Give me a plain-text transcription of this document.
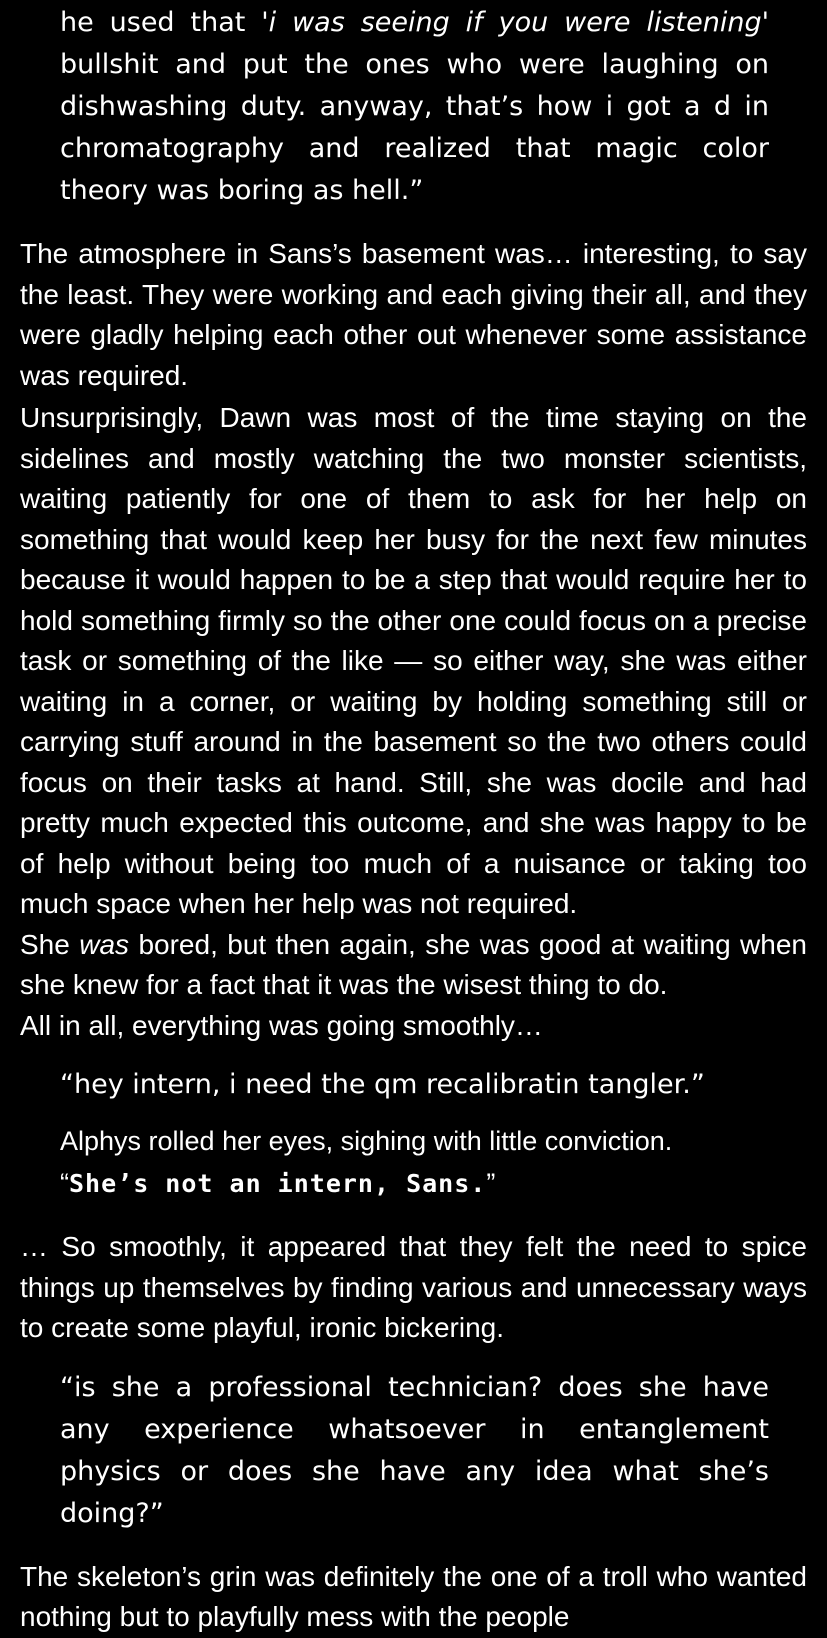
he used that 'i was seeing if you were listening' bullshit and put the ones who were laughing on dishwashing duty. anyway, that’s how i got a d in chromatography and realized that magic color theory was boring as hell.”
The atmosphere in Sans’s basement was… interesting, to say the least. They were working and each giving their all, and they were gladly helping each other out whenever some assistance was required.
Unsurprisingly, Dawn was most of the time staying on the sidelines and mostly watching the two monster scientists, waiting patiently for one of them to ask for her help on something that would keep her busy for the next few minutes because it would happen to be a step that would require her to hold something firmly so the other one could focus on a precise task or something of the like — so either way, she was either waiting in a corner, or waiting by holding something still or carrying stuff around in the basement so the two others could focus on their tasks at hand. Still, she was docile and had pretty much expected this outcome, and she was happy to be of help without being too much of a nuisance or taking too much space when her help was not required.
She was bored, but then again, she was good at waiting when she knew for a fact that it was the wisest thing to do.
All in all, everything was going smoothly…
“hey intern, i need the qm recalibratin tangler.”
Alphys rolled her eyes, sighing with little conviction.
“She’s not an intern, Sans.”
… So smoothly, it appeared that they felt the need to spice things up themselves by finding various and unnecessary ways to create some playful, ironic bickering.
“is she a professional technician? does she have any experience whatsoever in entanglement physics or does she have any idea what she’s doing?”
The skeleton’s grin was definitely the one of a troll who wanted nothing but to playfully mess with the people
